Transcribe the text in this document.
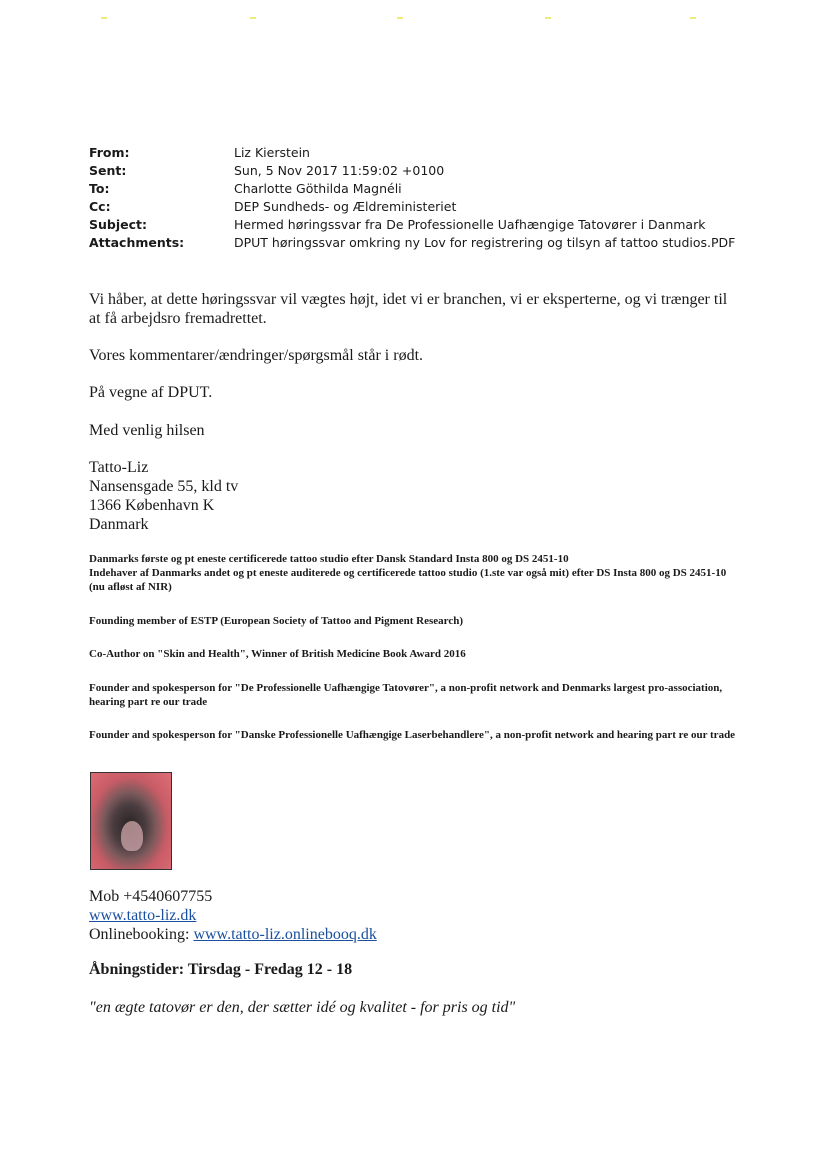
From:	Liz Kierstein
Sent:	Sun, 5 Nov 2017 11:59:02 +0100
To:	Charlotte Göthilda Magnéli
Cc:	DEP Sundheds- og Ældreministeriet
Subject:	Hermed høringssvar fra De Professionelle Uafhængige Tatovører i Danmark
Attachments:	DPUT høringssvar omkring ny Lov for registrering og tilsyn af tattoo studios.PDF

Vi håber, at dette høringssvar vil vægtes højt, idet vi er branchen, vi er eksperterne, og vi trænger til at få arbejdsro fremadrettet.

Vores kommentarer/ændringer/spørgsmål står i rødt.

På vegne af DPUT.

Med venlig hilsen

Tatto-Liz
Nansensgade 55, kld tv
1366 København K
Danmark
Danmarks første og pt eneste certificerede tattoo studio efter Dansk Standard Insta 800 og DS 2451-10
Indehaver af Danmarks andet og pt eneste auditerede og certificerede tattoo studio (1.ste var også mit) efter DS Insta 800 og DS 2451-10 (nu afløst af NIR)
Founding member of ESTP (European Society of Tattoo and Pigment Research)
Co-Author on "Skin and Health", Winner of British Medicine Book Award 2016
Founder and spokesperson for "De Professionelle Uafhængige Tatovører", a non-profit network and Denmarks largest pro-association, hearing part re our trade
Founder and spokesperson for "Danske Professionelle Uafhængige Laserbehandlere", a non-profit network and hearing part re our trade
Mob +4540607755
www.tatto-liz.dk
Onlinebooking: www.tatto-liz.onlinebooq.dk
Åbningstider: Tirsdag - Fredag 12 - 18
"en ægte tatovør er den, der sætter idé og kvalitet - for pris og tid"
